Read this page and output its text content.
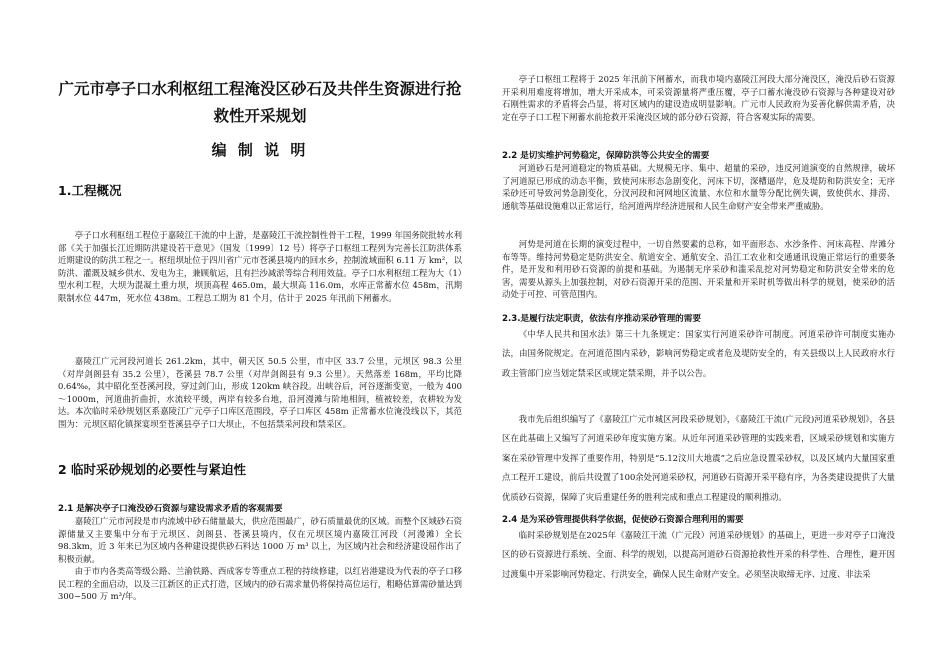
广元市亭子口水利枢纽工程淹没区砂石及共伴生资源进行抢救性开采规划
编 制 说 明
1.工程概况

亭子口水利枢纽工程位于嘉陵江干流的中上游，是嘉陵江干流控制性骨干工程，1999 年国务院批转水利部《关于加强长江近期防洪建设若干意见》（国发〔1999〕12 号）将亭子口枢纽工程列为完善长江防洪体系近期建设的防洪工程之一。枢纽坝址位于四川省广元市苍溪县境内的回水乡，控制流域面积 6.11 万 km²，以防洪、灌溉及城乡供水、发电为主，兼顾航运，且有拦沙减淤等综合利用效益。亭子口水利枢纽工程为大（1）型水利工程，大坝为混凝土重力坝，坝顶高程 465.0m，最大坝高 116.0m，水库正常蓄水位 458m，汛期限制水位 447m，死水位 438m。工程总工期为 81 个月，估计于 2025 年汛前下闸蓄水。

嘉陵江广元河段河道长 261.2km，其中，朝天区 50.5 公里，市中区 33.7 公里，元坝区 98.3 公里（对岸剑阁县有 35.2 公里），苍溪县 78.7 公里（对岸剑阁县有 9.3 公里）。天然落差 168m，平均比降 0.64‰，其中昭化至苍溪河段，穿过剑门山，形成 120km 峡谷段。出峡谷后，河谷逐渐变宽，一般为 400～1000m，河道曲折曲折，水流较平缓，两岸有较多台地，沿河漫滩与阶地相间，植被较差，农耕较为发达。本次临时采砂规划区系嘉陵江广元亭子口库区范围段，亭子口库区 458m 正常蓄水位淹没线以下，其范围为：元坝区昭化镇探宴坝至苍溪县亭子口大坝止，不包括禁采河段和禁采区。

2 临时采砂规划的必要性与紧迫性
2.1 是解决亭子口淹没砂石资源与建设需求矛盾的客观需要

嘉陵江广元市河段是市内流域中砂石储量最大，供应范围最广，砂石质量最优的区域。而整个区域砂石资源储量又主要集中分布于元坝区、剑阁县、苍溪县境内，仅在元坝区境内嘉陵江河段（河漫滩）全长 98.3km，近 3 年来已为区域内各种建设提供砂石料达 1000 万 m³ 以上，为区域内社会和经济建设屈作出了积极贡献。

由于市内各类高等级公路、兰渝铁路、西成客专等重点工程的持续修建，以红岩港建设为代表的亭子口移民工程的全面启动，以及三江新区的正式打造，区域内的砂石需求量仍将保持高位运行，粗略估算需砂量达到 300~500 万 m³/年。

亭子口枢纽工程将于 2025 年汛前下闸蓄水，而我市境内嘉陵江河段大部分淹没区，淹没后砂石资源开采利用难度将增加，增大开采成本，可采资源量将严重压覆，亭子口蓄水淹没砂石资源与各种建设对砂石刚性需求的矛盾将会凸显，将对区域内的建设造成明显影响。广元市人民政府为妥善化解供需矛盾，决定在亭子口工程下闸蓄水前抢救开采淹没区域的部分砂石资源，符合客观实际的需要。

2.2 是切实维护河势稳定，保障防洪等公共安全的需要

河道砂石是河道稳定的物质基础。大规模无序、集中、超量的采砂，违反河道演变的自然规律，破坏了河道原已形成的动态平衡，致使河床形态急剧变化，河床下切，深槽逼岸，危及堤防和防洪安全；无序采砂还可导致河势急剧变化，分汊河段和河网地区流量、水位和水量等分配比例失调，致使供水、排涝、通航等基础设施难以正常运行，给河道两岸经济进展和人民生命财产安全带来严重威胁。

河势是河道在长期的演变过程中，一切自然要素的总称，如平面形态、水沙条件、河床高程、岸滩分布等等。维持河势稳定是防洪安全、航道安全、通航安全、沿江工农业和交通通讯设施正常运行的重要条件，是开发和利用砂石资源的前提和基础。为遏制无序采砂和滥采乱挖对河势稳定和防洪安全带来的危害，需要从源头上加强控制，对砂石资源开采的范围、开采量和开采时机等做出科学的规划，使采砂的活动处于可控、可管范围内。

2.3.是履行法定职责，依法有序推动采砂管理的需要

《中华人民共和国水法》第三十九条规定：国家实行河道采砂许可制度。河道采砂许可制度实施办法，由国务院规定。在河道范围内采砂，影响河势稳定或者危及堤防安全的，有关县级以上人民政府水行政主管部门应当划定禁采区或规定禁采期，并予以公告。

我市先后组织编写了《嘉陵江广元市城区河段采砂规划》，《嘉陵江干流(广元段)河道采砂规划》，各县区在此基础上又编写了河道采砂年度实施方案。从近年河道采砂管理的实践来看，区域采砂规划和实施方案在采砂管理中发挥了重要作用，特别是“5.12汶川大地震”之后应急设置采砂权，以及区域内大量国家重点工程开工建设，前后共设置了100余处河道采砂权，河道砂石资源开采平稳有序，为各类建设提供了大量优质砂石资源，保障了灾后重建任务的胜利完成和重点工程建设的顺利推动。

2.4 是为采砂管理提供科学依据，促使砂石资源合理利用的需要

临时采砂规划是在2025年《嘉陵江干流（广元段）河道采砂规划》的基础上，更进一步对亭子口淹没区的砂石资源进行系统、全面、科学的规划，以提高河道砂石资源抢救性开采的科学性、合理性，避开因过渡集中开采影响河势稳定、行洪安全，确保人民生命财产安全。必须坚决取缔无序、过度、非法采
